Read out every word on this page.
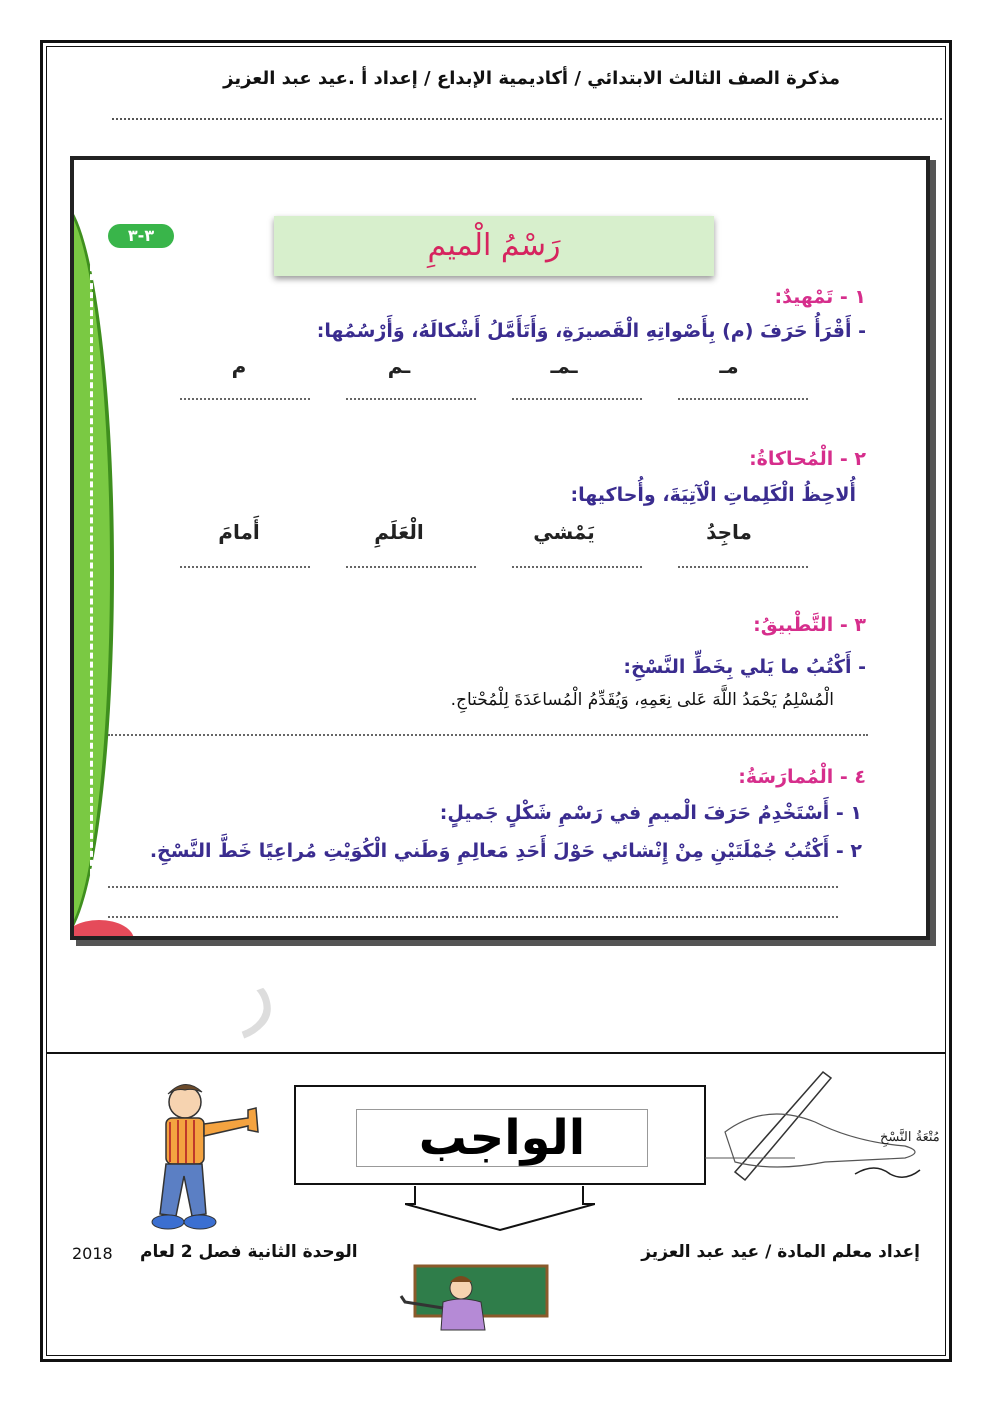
مذكرة الصف الثالث الابتدائي / أكاديمية الإبداع / إعداد أ .عيد عبد العزيز
٣-٣	رَسْمُ الْميمِ
١ - تَمْهيدٌ:
- أَقْرَأُ حَرَفَ (م) بِأَصْواتِهِ الْقَصيرَةِ، وَأَتَأَمَّلُ أَشْكالَهُ، وَأَرْسُمُها:
مـ
ـمـ
ـم
م
٢ - الْمُحاكاةُ:
أُلاحِظُ الْكَلِماتِ الْآتِيَةَ، وأُحاكيها:
ماجِدُ
يَمْشي
الْعَلَمِ
أَمامَ
٣ - التَّطْبيقُ:
- أَكْتُبُ ما يَلي بِخَطِّ النَّسْخِ:
الْمُسْلِمُ يَحْمَدُ اللَّهَ عَلى نِعَمِهِ، وَيُقَدِّمُ الْمُساعَدَةَ لِلْمُحْتاجِ.
٤ - الْمُمارَسَةُ:
١ - أَسْتَخْدِمُ حَرَفَ الْميمِ في رَسْمِ شَكْلٍ جَميلٍ:
٢ - أَكْتُبُ جُمْلَتَيْنِ مِنْ إِنْشائي حَوْلَ أَحَدِ مَعالِمِ وَطَني الْكُوَيْتِ مُراعِيًا خَطَّ النَّسْخِ.
ﺭ
الواجب	مُتْعَةُ النَّسْخِ
إعداد معلم المادة / عيد عبد العزيز
الوحدة الثانية فصل 2 لعام
2018
